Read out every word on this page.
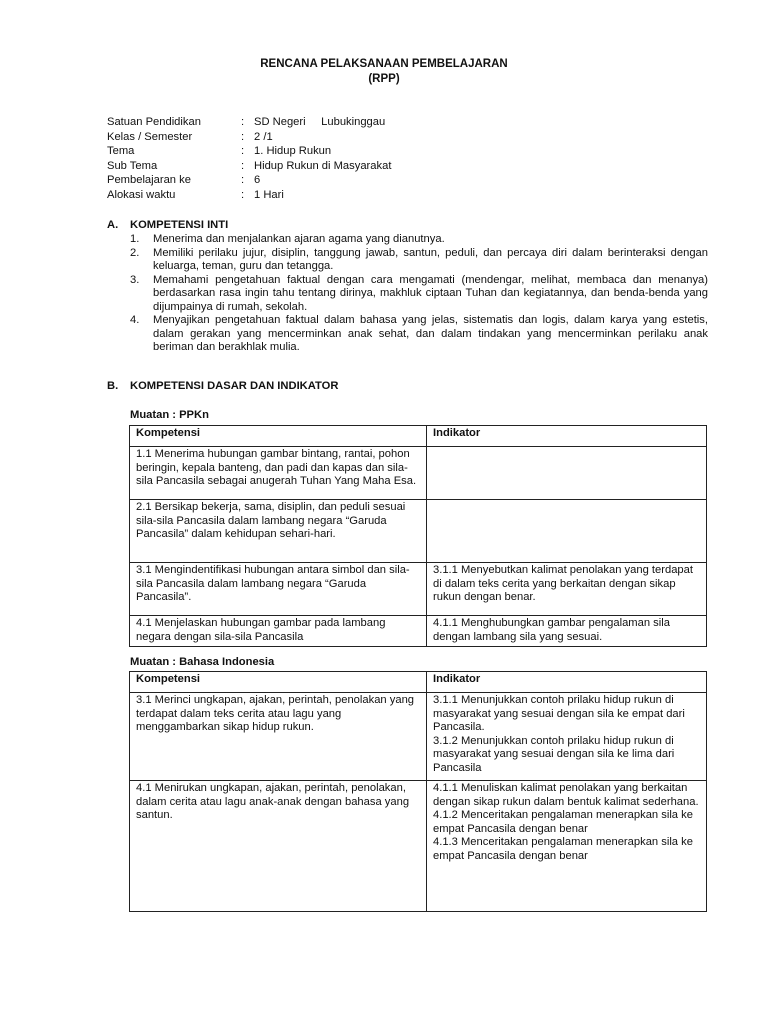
RENCANA PELAKSANAAN PEMBELAJARAN
(RPP)
Satuan Pendidikan	: SD Negeri     Lubukinggau
Kelas / Semester	: 2 /1
Tema	: 1. Hidup Rukun
Sub Tema	: Hidup Rukun di Masyarakat
Pembelajaran ke	: 6
Alokasi waktu	: 1 Hari
A. KOMPETENSI INTI
1.	Menerima dan menjalankan ajaran agama yang dianutnya.
2.	Memiliki perilaku jujur, disiplin, tanggung jawab, santun, peduli, dan percaya diri dalam berinteraksi dengan keluarga, teman, guru dan tetangga.
3.	Memahami pengetahuan faktual dengan cara mengamati (mendengar, melihat, membaca dan menanya) berdasarkan rasa ingin tahu tentang dirinya, makhluk ciptaan Tuhan dan kegiatannya, dan benda-benda yang dijumpainya di rumah, sekolah.
4.	Menyajikan pengetahuan faktual dalam bahasa yang jelas, sistematis dan logis, dalam karya yang estetis, dalam gerakan yang mencerminkan anak sehat, dan dalam tindakan yang mencerminkan perilaku anak beriman dan berakhlak mulia.
B. KOMPETENSI DASAR DAN INDIKATOR
Muatan : PPKn
Kompetensi	Indikator
1.1 Menerima hubungan gambar bintang, rantai, pohon beringin, kepala banteng, dan padi dan kapas dan sila-sila Pancasila sebagai anugerah Tuhan Yang Maha Esa.	
2.1 Bersikap bekerja, sama, disiplin, dan peduli sesuai sila-sila Pancasila dalam lambang negara “Garuda Pancasila” dalam kehidupan sehari-hari.	
3.1 Mengindentifikasi hubungan antara simbol dan sila-sila Pancasila dalam lambang negara “Garuda Pancasila”.	3.1.1 Menyebutkan kalimat penolakan yang terdapat di dalam teks cerita yang berkaitan dengan sikap rukun dengan benar.
4.1 Menjelaskan hubungan gambar pada lambang negara dengan sila-sila Pancasila	4.1.1 Menghubungkan gambar pengalaman sila dengan lambang sila yang sesuai.
Muatan : Bahasa Indonesia
Kompetensi	Indikator
3.1 Merinci ungkapan, ajakan, perintah, penolakan yang terdapat dalam teks cerita atau lagu yang menggambarkan sikap hidup rukun.	3.1.1 Menunjukkan contoh prilaku hidup rukun di masyarakat yang sesuai dengan sila ke empat dari Pancasila.
3.1.2 Menunjukkan contoh prilaku hidup rukun di masyarakat yang sesuai dengan sila ke lima dari Pancasila

4.1 Menirukan ungkapan, ajakan, perintah, penolakan, dalam cerita atau lagu anak-anak dengan bahasa yang santun.	4.1.1 Menuliskan kalimat penolakan yang berkaitan dengan sikap rukun dalam bentuk kalimat sederhana.
4.1.2 Menceritakan pengalaman menerapkan sila ke empat Pancasila dengan benar
4.1.3 Menceritakan pengalaman menerapkan sila ke empat Pancasila dengan benar
